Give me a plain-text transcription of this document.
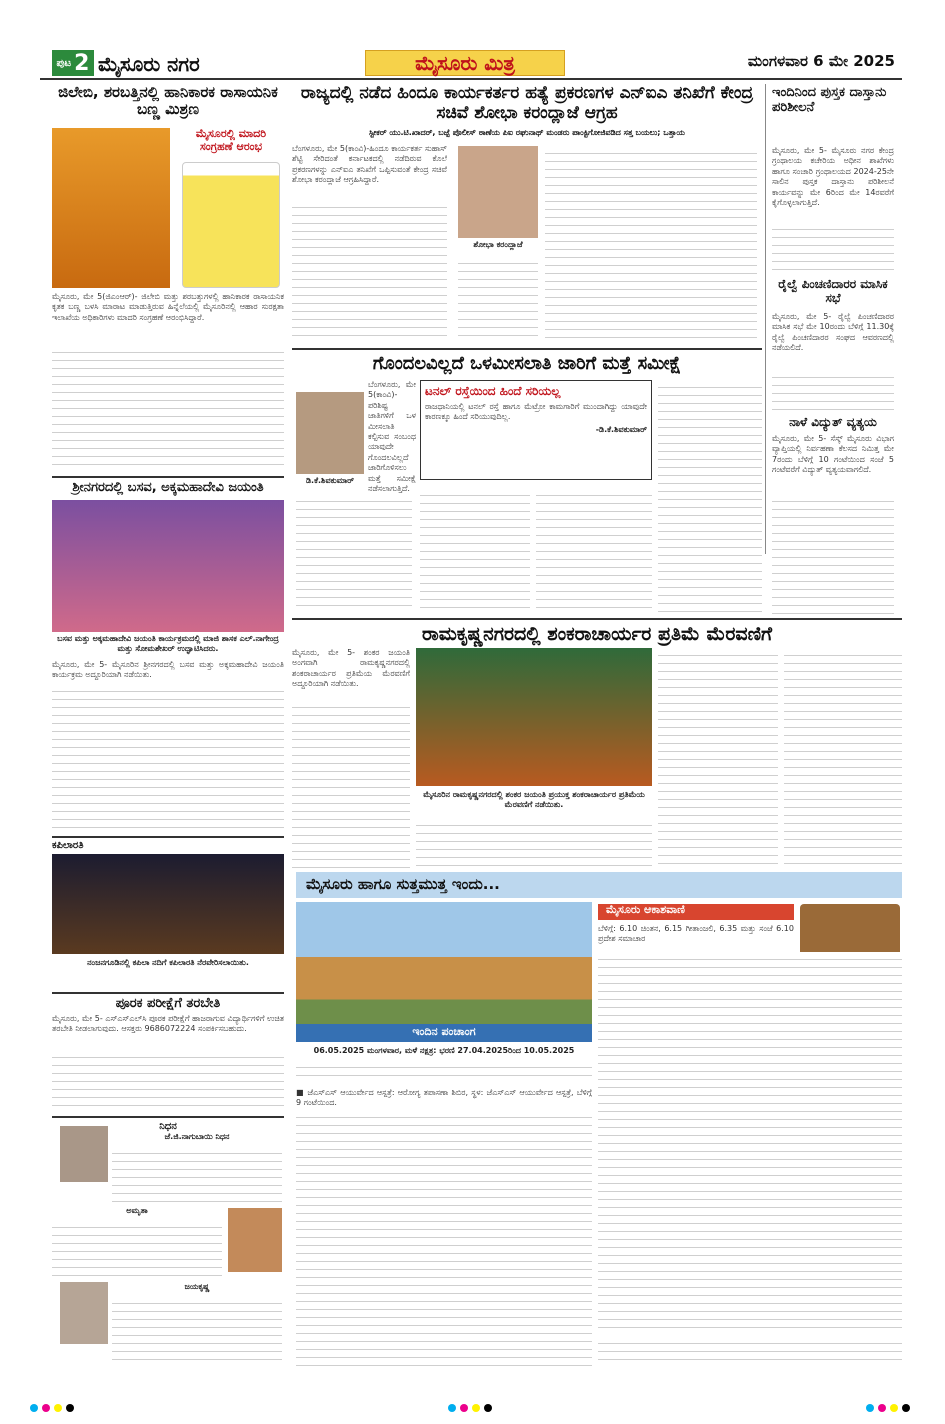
ಪುಟ 2 ಮೈಸೂರು ನಗರ	ಮೈಸೂರು ಮಿತ್ರ	ಮಂಗಳವಾರ 6 ಮೇ 2025
ಜಿಲೇಬಿ, ಶರಬತ್ತಿನಲ್ಲಿ ಹಾನಿಕಾರಕ ರಾಸಾಯನಿಕ ಬಣ್ಣ ಮಿಶ್ರಣ
ಮೈಸೂರಲ್ಲಿ ಮಾದರಿ ಸಂಗ್ರಹಣೆ ಆರಂಭ
ಮೈಸೂರು, ಮೇ 5(ಜಿಎಂಆರ್)- ಜಿಲೇಬಿ ಮತ್ತು ಶರಬತ್ತುಗಳಲ್ಲಿ ಹಾನಿಕಾರಕ ರಾಸಾಯನಿಕ ಕೃತಕ ಬಣ್ಣ ಬಳಸಿ ಮಾರಾಟ ಮಾಡುತ್ತಿರುವ ಹಿನ್ನೆಲೆಯಲ್ಲಿ ಮೈಸೂರಿನಲ್ಲಿ ಆಹಾರ ಸುರಕ್ಷತಾ ಇಲಾಖೆಯ ಅಧಿಕಾರಿಗಳು ಮಾದರಿ ಸಂಗ್ರಹಣೆ ಆರಂಭಿಸಿದ್ದಾರೆ.
ರಾಜ್ಯದಲ್ಲಿ ನಡೆದ ಹಿಂದೂ ಕಾರ್ಯಕರ್ತರ ಹತ್ಯೆ ಪ್ರಕರಣಗಳ ಎನ್‌ಐಎ ತನಿಖೆಗೆ ಕೇಂದ್ರ ಸಚಿವೆ ಶೋಭಾ ಕರಂದ್ಲಾಜೆ ಆಗ್ರಹ
ಸ್ಟೀಕರ್ ಯು.ಟಿ.ಖಾದರ್, ಬಜ್ಪೆ ಪೊಲೀಸ್ ಠಾಣೆಯ ಪಿಐ ರಘುನಾಥ್ ಮಂಡರು ಪಾಂಕ್ಟಿಗೋಜಿವಡಿದ ಸತ್ತ ಬಯಲು; ಒತ್ತಾಯ
ಬೆಂಗಳೂರು, ಮೇ 5(ಕಾಂವಿ)-ಹಿಂದೂ ಕಾರ್ಯಕರ್ತ ಸುಹಾಸ್ ಶೆಟ್ಟಿ ಸೇರಿದಂತೆ ಕರ್ನಾಟಕದಲ್ಲಿ ನಡೆದಿರುವ ಕೊಲೆ ಪ್ರಕರಣಗಳನ್ನು ಎನ್‌ಐಎ ತನಿಖೆಗೆ ಒಪ್ಪಿಸುವಂತೆ ಕೇಂದ್ರ ಸಚಿವೆ ಶೋಭಾ ಕರಂದ್ಲಾಜೆ ಆಗ್ರಹಿಸಿದ್ದಾರೆ.
ಶೋಭಾ ಕರಂದ್ಲಾಜೆ
ಇಂದಿನಿಂದ ಪುಸ್ತಕ ದಾಸ್ತಾನು ಪರಿಶೀಲನೆ
ಮೈಸೂರು, ಮೇ 5- ಮೈಸೂರು ನಗರ ಕೇಂದ್ರ ಗ್ರಂಥಾಲಯ ಕಚೇರಿಯ ಅಧೀನ ಶಾಖೆಗಳು ಹಾಗೂ ಸಂಚಾರಿ ಗ್ರಂಥಾಲಯದ 2024-25ನೇ ಸಾಲಿನ ಪುಸ್ತಕ ದಾಸ್ತಾನು ಪರಿಶೀಲನೆ ಕಾರ್ಯವನ್ನು ಮೇ 6ರಿಂದ ಮೇ 14ರವರೆಗೆ ಕೈಗೊಳ್ಳಲಾಗುತ್ತಿದೆ.
ರೈಲ್ವೆ ಪಿಂಚಣಿದಾರರ ಮಾಸಿಕ ಸಭೆ
ಮೈಸೂರು, ಮೇ 5- ರೈಲ್ವೆ ಪಿಂಚಣಿದಾರರ ಮಾಸಿಕ ಸಭೆ ಮೇ 10ರಂದು ಬೆಳಿಗ್ಗೆ 11.30ಕ್ಕೆ ರೈಲ್ವೆ ಪಿಂಚಣಿದಾರರ ಸಂಘದ ಆವರಣದಲ್ಲಿ ನಡೆಯಲಿದೆ.
ನಾಳೆ ವಿದ್ಯುತ್ ವ್ಯತ್ಯಯ
ಮೈಸೂರು, ಮೇ 5- ಸೆಸ್ಕ್ ಮೈಸೂರು ವಿಭಾಗ ವ್ಯಾಪ್ತಿಯಲ್ಲಿ ನಿರ್ವಹಣಾ ಕೆಲಸದ ನಿಮಿತ್ತ ಮೇ 7ರಂದು ಬೆಳಿಗ್ಗೆ 10 ಗಂಟೆಯಿಂದ ಸಂಜೆ 5 ಗಂಟೆವರೆಗೆ ವಿದ್ಯುತ್ ವ್ಯತ್ಯಯವಾಗಲಿದೆ.
ಗೊಂದಲವಿಲ್ಲದೆ ಒಳಮೀಸಲಾತಿ ಜಾರಿಗೆ ಮತ್ತೆ ಸಮೀಕ್ಷೆ
ಡಿ.ಕೆ.ಶಿವಕುಮಾರ್
ಬೆಂಗಳೂರು, ಮೇ 5(ಕಾಂವಿ)- ಪರಿಶಿಷ್ಟ ಜಾತಿಗಳಿಗೆ ಒಳ ಮೀಸಲಾತಿ ಕಲ್ಪಿಸುವ ಸಂಬಂಧ ಯಾವುದೇ ಗೊಂದಲವಿಲ್ಲದೆ ಜಾರಿಗೊಳಿಸಲು ಮತ್ತೆ ಸಮೀಕ್ಷೆ ನಡೆಸಲಾಗುತ್ತಿದೆ.
ಟನಲ್ ರಸ್ತೆಯಿಂದ ಹಿಂದೆ ಸರಿಯಲ್ಲ
ರಾಜಧಾನಿಯಲ್ಲಿ ಟನಲ್ ರಸ್ತೆ ಹಾಗೂ ಮೆಟ್ರೋ ಕಾಮಗಾರಿಗೆ ಮುಂದಾಗಿದ್ದು ಯಾವುದೇ ಕಾರಣಕ್ಕೂ ಹಿಂದೆ ಸರಿಯುವುದಿಲ್ಲ.
-ಡಿ.ಕೆ.ಶಿವಕುಮಾರ್
ಶ್ರೀನಗರದಲ್ಲಿ ಬಸವ, ಅಕ್ಕಮಹಾದೇವಿ ಜಯಂತಿ
ಬಸವ ಮತ್ತು ಅಕ್ಕಮಹಾದೇವಿ ಜಯಂತಿ ಕಾರ್ಯಕ್ರಮದಲ್ಲಿ ಮಾಜಿ ಶಾಸಕ ಎಲ್.ನಾಗೇಂದ್ರ ಮತ್ತು ಸೋಮಶೇಖರ್ ಉದ್ಘಾಟಿಸಿದರು.
ಮೈಸೂರು, ಮೇ 5- ಮೈಸೂರಿನ ಶ್ರೀನಗರದಲ್ಲಿ ಬಸವ ಮತ್ತು ಅಕ್ಕಮಹಾದೇವಿ ಜಯಂತಿ ಕಾರ್ಯಕ್ರಮ ಅದ್ದೂರಿಯಾಗಿ ನಡೆಯಿತು.
ಕಪಿಲಾರತಿ
ನಂಜನಗೂಡಿನಲ್ಲಿ ಕಪಿಲಾ ನದಿಗೆ ಕಪಿಲಾರತಿ ನೆರವೇರಿಸಲಾಯಿತು.
ಪೂರಕ ಪರೀಕ್ಷೆಗೆ ತರಬೇತಿ
ಮೈಸೂರು, ಮೇ 5- ಎಸ್‌ಎಸ್‌ಎಲ್‌ಸಿ ಪೂರಕ ಪರೀಕ್ಷೆಗೆ ಹಾಜರಾಗುವ ವಿದ್ಯಾರ್ಥಿಗಳಿಗೆ ಉಚಿತ ತರಬೇತಿ ನೀಡಲಾಗುವುದು. ಆಸಕ್ತರು 9686072224 ಸಂಪರ್ಕಿಸಬಹುದು.
ನಿಧನ
ಜೆ.ಜಿ.ನಾಗುಬಾಯಿ ನಿಧನ
ಅಮೃತಾ
ಜಯಕೃಷ್ಣ
ರಾಮಕೃಷ್ಣನಗರದಲ್ಲಿ ಶಂಕರಾಚಾರ್ಯರ ಪ್ರತಿಮೆ ಮೆರವಣಿಗೆ
ಮೈಸೂರು, ಮೇ 5- ಶಂಕರ ಜಯಂತಿ ಅಂಗವಾಗಿ ರಾಮಕೃಷ್ಣನಗರದಲ್ಲಿ ಶಂಕರಾಚಾರ್ಯರ ಪ್ರತಿಮೆಯ ಮೆರವಣಿಗೆ ಅದ್ದೂರಿಯಾಗಿ ನಡೆಯಿತು.
ಮೈಸೂರಿನ ರಾಮಕೃಷ್ಣನಗರದಲ್ಲಿ ಶಂಕರ ಜಯಂತಿ ಪ್ರಯುಕ್ತ ಶಂಕರಾಚಾರ್ಯರ ಪ್ರತಿಮೆಯ ಮೆರವಣಿಗೆ ನಡೆಯಿತು.
ಮೈಸೂರು ಹಾಗೂ ಸುತ್ತಮುತ್ತ ಇಂದು...
ಇಂದಿನ ಪಂಚಾಂಗ
06.05.2025 ಮಂಗಳವಾರ, ಮಳೆ ನಕ್ಷತ್ರ: ಭರಣಿ 27.04.2025ರಿಂದ 10.05.2025
ಮೈಸೂರು ಆಕಾಶವಾಣಿ
ಬೆಳಿಗ್ಗೆ: 6.10 ಚಿಂತನ, 6.15 ಗೀತಾಂಜಲಿ, 6.35 ಮತ್ತು ಸಂಜೆ 6.10 ಪ್ರದೇಶ ಸಮಾಚಾರ
■ ಜೆಎಸ್‌ಎಸ್ ಆಯುರ್ವೇದ ಆಸ್ಪತ್ರೆ: ಆರೋಗ್ಯ ತಪಾಸಣಾ ಶಿಬಿರ, ಸ್ಥಳ: ಜೆಎಸ್‌ಎಸ್ ಆಯುರ್ವೇದ ಆಸ್ಪತ್ರೆ, ಬೆಳಿಗ್ಗೆ 9 ಗಂಟೆಯಿಂದ.
